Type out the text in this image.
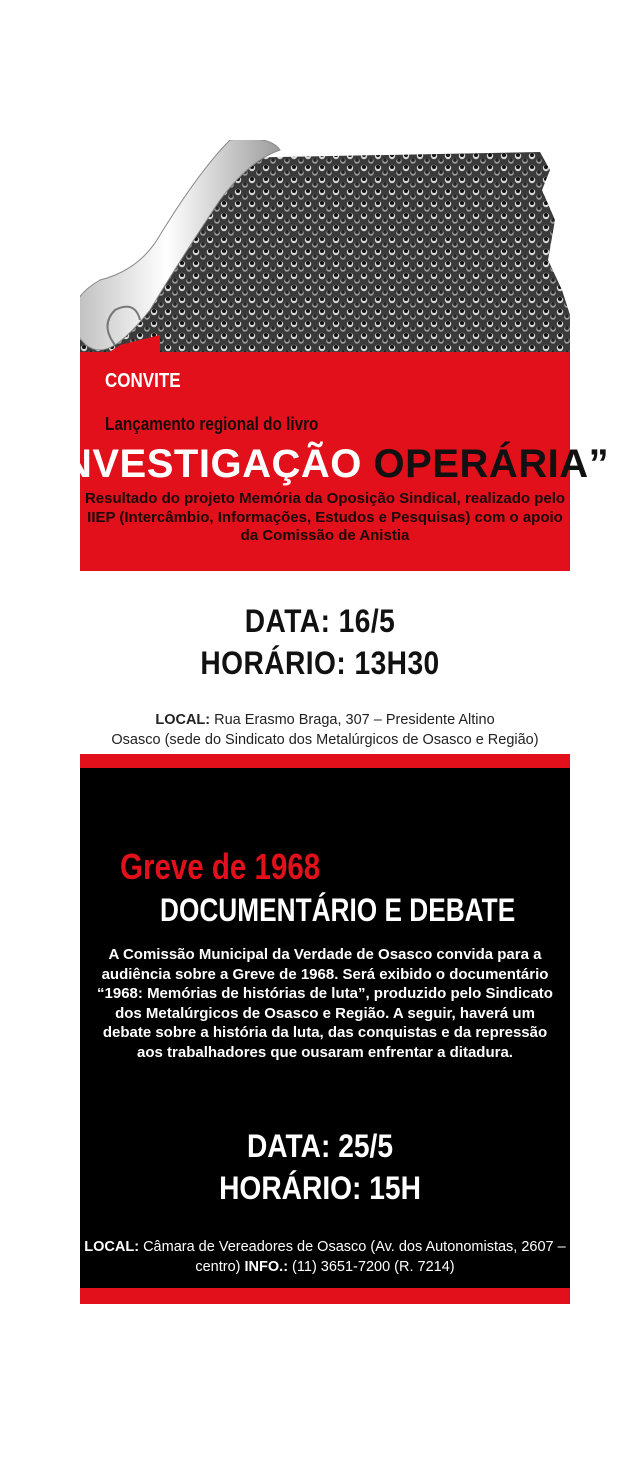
CONVITE
Lançamento regional do livro
“INVESTIGAÇÃO OPERÁRIA”
Resultado do projeto Memória da Oposição Sindical, realizado pelo IIEP (Intercâmbio, Informações, Estudos e Pesquisas) com o apoio da Comissão de Anistia
DATA: 16/5
HORÁRIO: 13H30
LOCAL: Rua Erasmo Braga, 307 – Presidente Altino
Osasco (sede do Sindicato dos Metalúrgicos de Osasco e Região)
Greve de 1968
DOCUMENTÁRIO E DEBATE
A Comissão Municipal da Verdade de Osasco convida para a audiência sobre a Greve de 1968. Será exibido o documentário “1968: Memórias de histórias de luta”, produzido pelo Sindicato dos Metalúrgicos de Osasco e Região. A seguir, haverá um debate sobre a história da luta, das conquistas e da repressão aos trabalhadores que ousaram enfrentar a ditadura.
DATA: 25/5
HORÁRIO: 15H
LOCAL: Câmara de Vereadores de Osasco (Av. dos Autonomistas, 2607 – centro) INFO.: (11) 3651-7200 (R. 7214)
